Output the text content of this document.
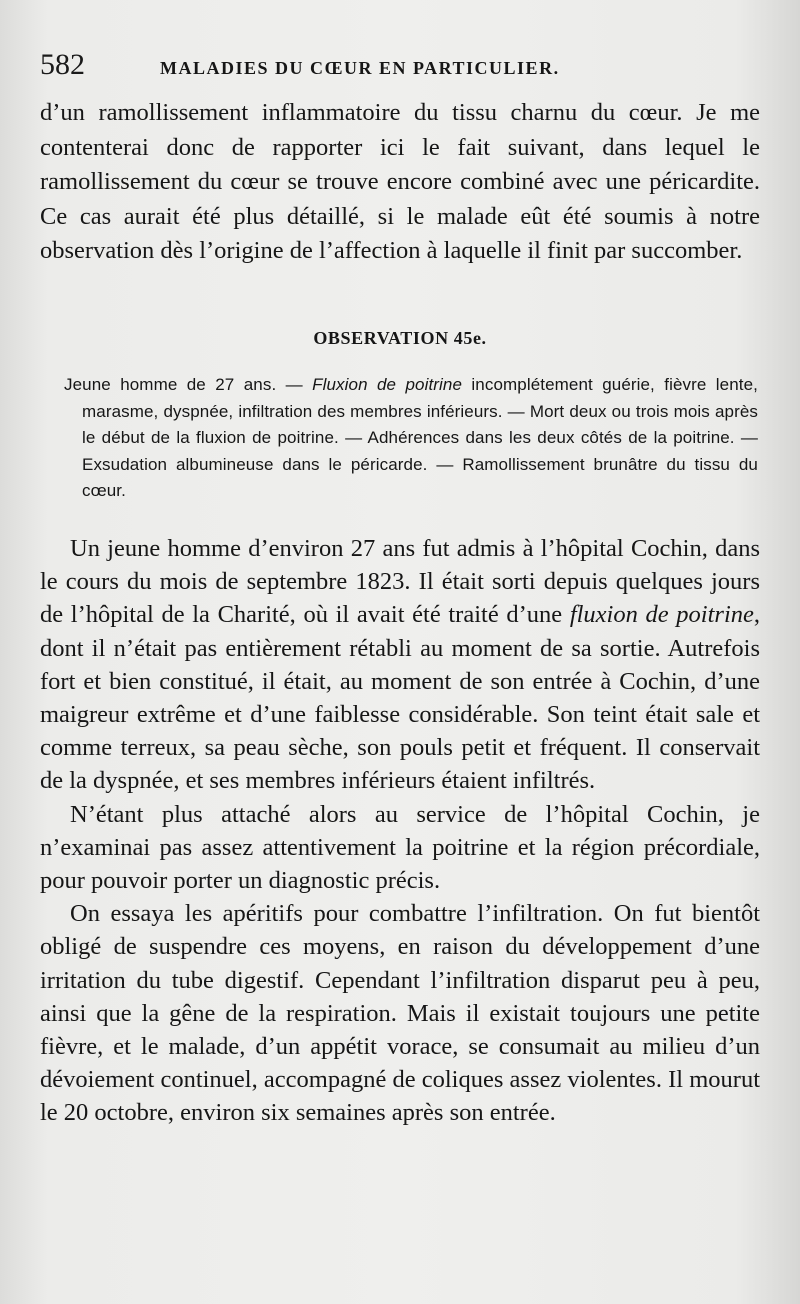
582	MALADIES DU CŒUR EN PARTICULIER.
d’un ramollissement inflammatoire du tissu charnu du cœur. Je me contenterai donc de rapporter ici le fait suivant, dans lequel le ramollissement du cœur se trouve encore combiné avec une péricardite. Ce cas aurait été plus détaillé, si le malade eût été soumis à notre observation dès l’origine de l’affection à laquelle il finit par succomber.
OBSERVATION 45e.
Jeune homme de 27 ans. — Fluxion de poitrine incomplétement guérie, fièvre lente, marasme, dyspnée, infiltration des membres inférieurs. — Mort deux ou trois mois après le début de la fluxion de poitrine. — Adhérences dans les deux côtés de la poitrine. — Exsudation albumineuse dans le péricarde. — Ramollissement brunâtre du tissu du cœur.

Un jeune homme d’environ 27 ans fut admis à l’hôpital Cochin, dans le cours du mois de septembre 1823. Il était sorti depuis quelques jours de l’hôpital de la Charité, où il avait été traité d’une fluxion de poitrine, dont il n’était pas entièrement rétabli au moment de sa sortie. Autrefois fort et bien constitué, il était, au moment de son entrée à Cochin, d’une maigreur extrême et d’une faiblesse considérable. Son teint était sale et comme terreux, sa peau sèche, son pouls petit et fréquent. Il conservait de la dyspnée, et ses membres inférieurs étaient infiltrés.

N’étant plus attaché alors au service de l’hôpital Cochin, je n’examinai pas assez attentivement la poitrine et la région précordiale, pour pouvoir porter un diagnostic précis.

On essaya les apéritifs pour combattre l’infiltration. On fut bientôt obligé de suspendre ces moyens, en raison du développement d’une irritation du tube digestif. Cependant l’infiltration disparut peu à peu, ainsi que la gêne de la respiration. Mais il existait toujours une petite fièvre, et le malade, d’un appétit vorace, se consumait au milieu d’un dévoiement continuel, accompagné de coliques assez violentes. Il mourut le 20 octobre, environ six semaines après son entrée.
